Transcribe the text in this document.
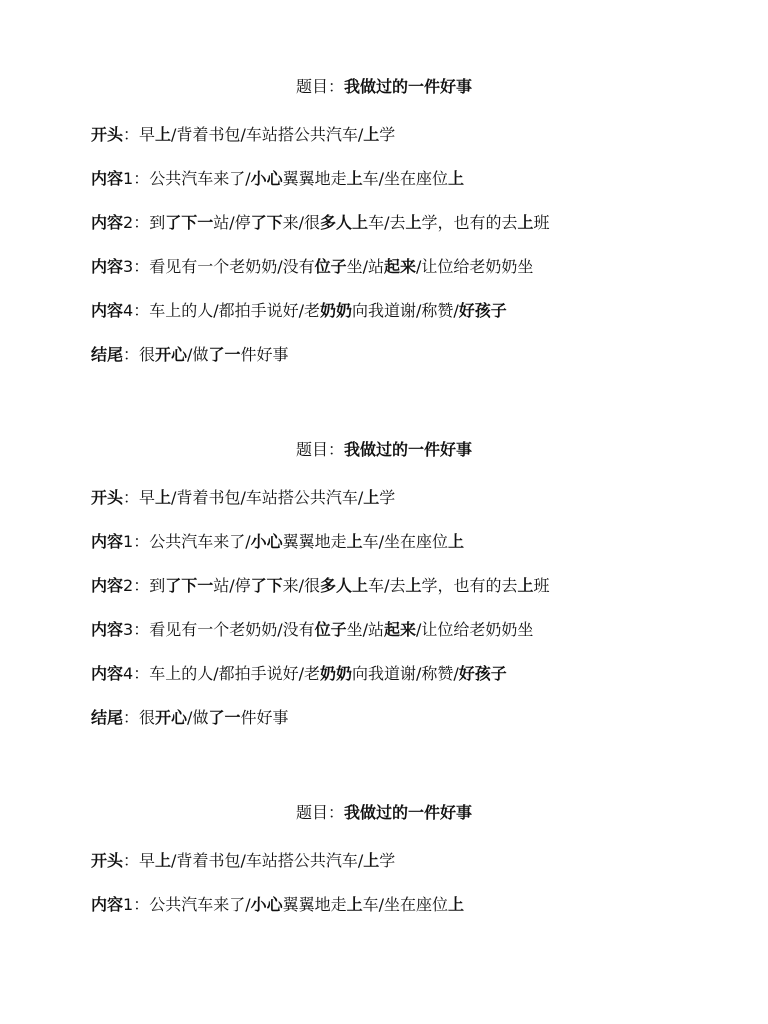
题目：我做过的一件好事
开头：早上/背着书包/车站搭公共汽车/上学
内容1：公共汽车来了/小心翼翼地走上车/坐在座位上
内容2：到了下一站/停了下来/很多人上车/去上学，也有的去上班
内容3：看见有一个老奶奶/没有位子坐/站起来/让位给老奶奶坐
内容4：车上的人/都拍手说好/老奶奶向我道谢/称赞/好孩子
结尾：很开心/做了一件好事
题目：我做过的一件好事
开头：早上/背着书包/车站搭公共汽车/上学
内容1：公共汽车来了/小心翼翼地走上车/坐在座位上
内容2：到了下一站/停了下来/很多人上车/去上学，也有的去上班
内容3：看见有一个老奶奶/没有位子坐/站起来/让位给老奶奶坐
内容4：车上的人/都拍手说好/老奶奶向我道谢/称赞/好孩子
结尾：很开心/做了一件好事
题目：我做过的一件好事
开头：早上/背着书包/车站搭公共汽车/上学
内容1：公共汽车来了/小心翼翼地走上车/坐在座位上
